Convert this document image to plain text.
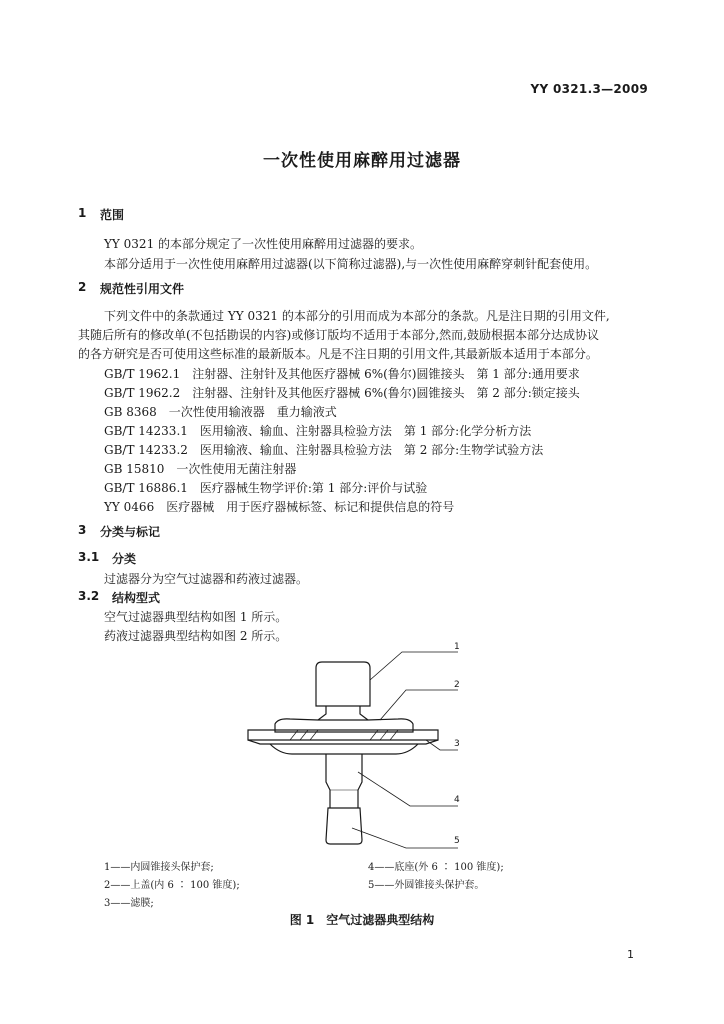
YY 0321.3—2009
一次性使用麻醉用过滤器
1 范围
YY 0321 的本部分规定了一次性使用麻醉用过滤器的要求。
本部分适用于一次性使用麻醉用过滤器(以下简称过滤器),与一次性使用麻醉穿刺针配套使用。
2 规范性引用文件
下列文件中的条款通过 YY 0321 的本部分的引用而成为本部分的条款。凡是注日期的引用文件,
其随后所有的修改单(不包括勘误的内容)或修订版均不适用于本部分,然而,鼓励根据本部分达成协议
的各方研究是否可使用这些标准的最新版本。凡是不注日期的引用文件,其最新版本适用于本部分。
GB/T 1962.1　注射器、注射针及其他医疗器械 6%(鲁尔)圆锥接头　第 1 部分:通用要求
GB/T 1962.2　注射器、注射针及其他医疗器械 6%(鲁尔)圆锥接头　第 2 部分:锁定接头
GB 8368　一次性使用输液器　重力输液式
GB/T 14233.1　医用输液、输血、注射器具检验方法　第 1 部分:化学分析方法
GB/T 14233.2　医用输液、输血、注射器具检验方法　第 2 部分:生物学试验方法
GB 15810　一次性使用无菌注射器
GB/T 16886.1　医疗器械生物学评价:第 1 部分:评价与试验
YY 0466　医疗器械　用于医疗器械标签、标记和提供信息的符号
3 分类与标记
3.1 分类
过滤器分为空气过滤器和药液过滤器。
3.2 结构型式
空气过滤器典型结构如图 1 所示。
药液过滤器典型结构如图 2 所示。
1
2
3
4
5
1——内圆锥接头保护套;
2——上盖(内 6 ∶ 100 锥度);
3——滤膜;
4——底座(外 6 ∶ 100 锥度);
5——外圆锥接头保护套。
图 1　空气过滤器典型结构
1
